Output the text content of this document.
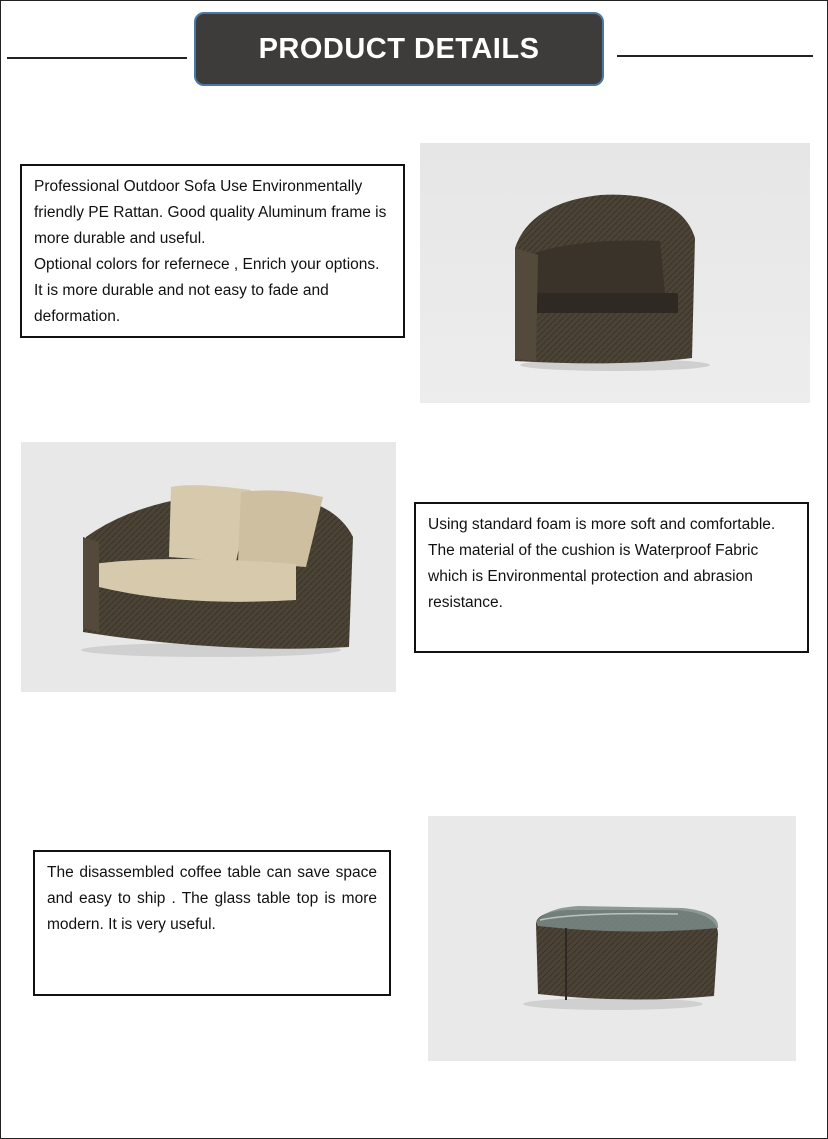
PRODUCT DETAILS

Professional Outdoor Sofa Use Environmentally friendly PE Rattan. Good quality Aluminum frame is more durable and useful.

Optional colors for refernece , Enrich your options. It is more durable and not easy to fade and deformation.

Using standard foam is more soft and comfortable. The material of the cushion is Waterproof Fabric which is Environmental protection and abrasion resistance.

The disassembled coffee table can save space and easy to ship . The glass table top is more modern. It is very useful.
